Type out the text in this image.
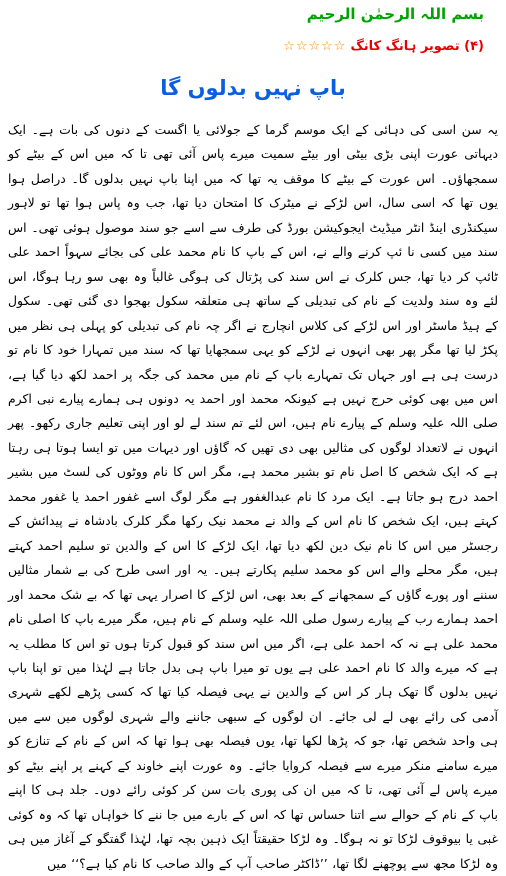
بسم اللہ الرحمٰن الرحیم
(۴) تصویر ہانگ کانگ
☆☆☆☆☆
باپ نہیں بدلوں گا

یہ سن اسی کی دہائی کے ایک موسم گرما کے جولائی یا اگست کے دنوں کی بات ہے۔ ایک دیہاتی عورت اپنی بڑی بیٹی اور بیٹے سمیت میرے پاس آئی تھی تا کہ میں اس کے بیٹے کو سمجھاؤں۔ اس عورت کے بیٹے کا موقف یہ تھا کہ میں اپنا باپ نہیں بدلوں گا۔ دراصل ہوا یوں تھا کہ اسی سال، اس لڑکے نے میٹرک کا امتحان دیا تھا، جب وہ پاس ہوا تھا تو لاہور سیکنڈری اینڈ انٹر میڈیٹ ایجوکیشن بورڈ کی طرف سے اسے جو سند موصول ہوئی تھی۔ اس سند میں کسی نا ئپ کرنے والے نے، اس کے باپ کا نام محمد علی کی بجائے سہواً احمد علی ٹائپ کر دیا تھا، جس کلرک نے اس سند کی پڑتال کی ہوگی غالباً وہ بھی سو رہا ہوگا، اس لئے وہ سند ولدیت کے نام کی تبدیلی کے ساتھ ہی متعلقہ سکول بھجوا دی گئی تھی۔ سکول کے ہیڈ ماسٹر اور اس لڑکے کی کلاس انچارج نے اگر چہ نام کی تبدیلی کو پہلی ہی نظر میں پکڑ لیا تھا مگر پھر بھی انہوں نے لڑکے کو یہی سمجھایا تھا کہ سند میں تمہارا خود کا نام تو درست ہی ہے اور جہاں تک تمہارے باپ کے نام میں محمد کی جگہ پر احمد لکھ دیا گیا ہے، اس میں بھی کوئی حرج نہیں ہے کیونکہ محمد اور احمد یہ دونوں ہی ہمارے پیارے نبی اکرم صلی اللہ علیہ وسلم کے پیارے نام ہیں، اس لئے تم سند لے لو اور اپنی تعلیم جاری رکھو۔ پھر انہوں نے لاتعداد لوگوں کی مثالیں بھی دی تھیں کہ گاؤں اور دیہات میں تو ایسا ہوتا ہی رہتا ہے کہ ایک شخص کا اصل نام تو بشیر محمد ہے، مگر اس کا نام ووٹوں کی لسٹ میں بشیر احمد درج ہو جاتا ہے۔ ایک مرد کا نام عبدالغفور ہے مگر لوگ اسے غفور احمد یا غفور محمد کہتے ہیں، ایک شخص کا نام اس کے والد نے محمد نیک رکھا مگر کلرک بادشاہ نے پیدائش کے رجسٹر میں اس کا نام نیک دین لکھ دیا تھا، ایک لڑکے کا اس کے والدین تو سلیم احمد کہتے ہیں، مگر محلے والے اس کو محمد سلیم پکارتے ہیں۔ یہ اور اسی طرح کی بے شمار مثالیں سننے اور پورے گاؤں کے سمجھانے کے بعد بھی، اس لڑکے کا اصرار یہی تھا کہ بے شک محمد اور احمد ہمارے رب کے پیارے رسول صلی اللہ علیہ وسلم کے نام ہیں، مگر میرے باپ کا اصلی نام محمد علی ہے نہ کہ احمد علی ہے، اگر میں اس سند کو قبول کرتا ہوں تو اس کا مطلب یہ ہے کہ میرے والد کا نام احمد علی ہے یوں تو میرا باپ ہی بدل جاتا ہے لہٰذا میں تو اپنا باپ نہیں بدلوں گا تھک ہار کر اس کے والدین نے یہی فیصلہ کیا تھا کہ کسی پڑھے لکھے شہری آدمی کی رائے بھی لے لی جائے۔ ان لوگوں کے سبھی جاننے والے شہری لوگوں میں سے میں ہی واحد شخص تھا، جو کہ پڑھا لکھا تھا، یوں فیصلہ بھی ہوا تھا کہ اس کے نام کے تنازع کو میرے سامنے منکر میرے سے فیصلہ کروایا جائے۔ وہ عورت اپنے خاوند کے کہنے پر اپنے بیٹے کو میرے پاس لے آئی تھی، تا کہ میں ان کی پوری بات سن کر کوئی رائے دوں۔ جلد ہی کا اپنے باپ کے نام کے حوالے سے اتنا حساس تھا کہ اس کے بارے میں جا ننے کا خواہاں تھا کہ وہ کوئی غبی یا بیوقوف لڑکا تو نہ ہوگا۔ وہ لڑکا حقیقتاً ایک ذہین بچہ تھا، لہٰذا گفتگو کے آغاز میں ہی وہ لڑکا مجھ سے پوچھنے لگا تھا، ’’ڈاکٹر صاحب آپ کے والد صاحب کا نام کیا ہے؟‘‘ میں
